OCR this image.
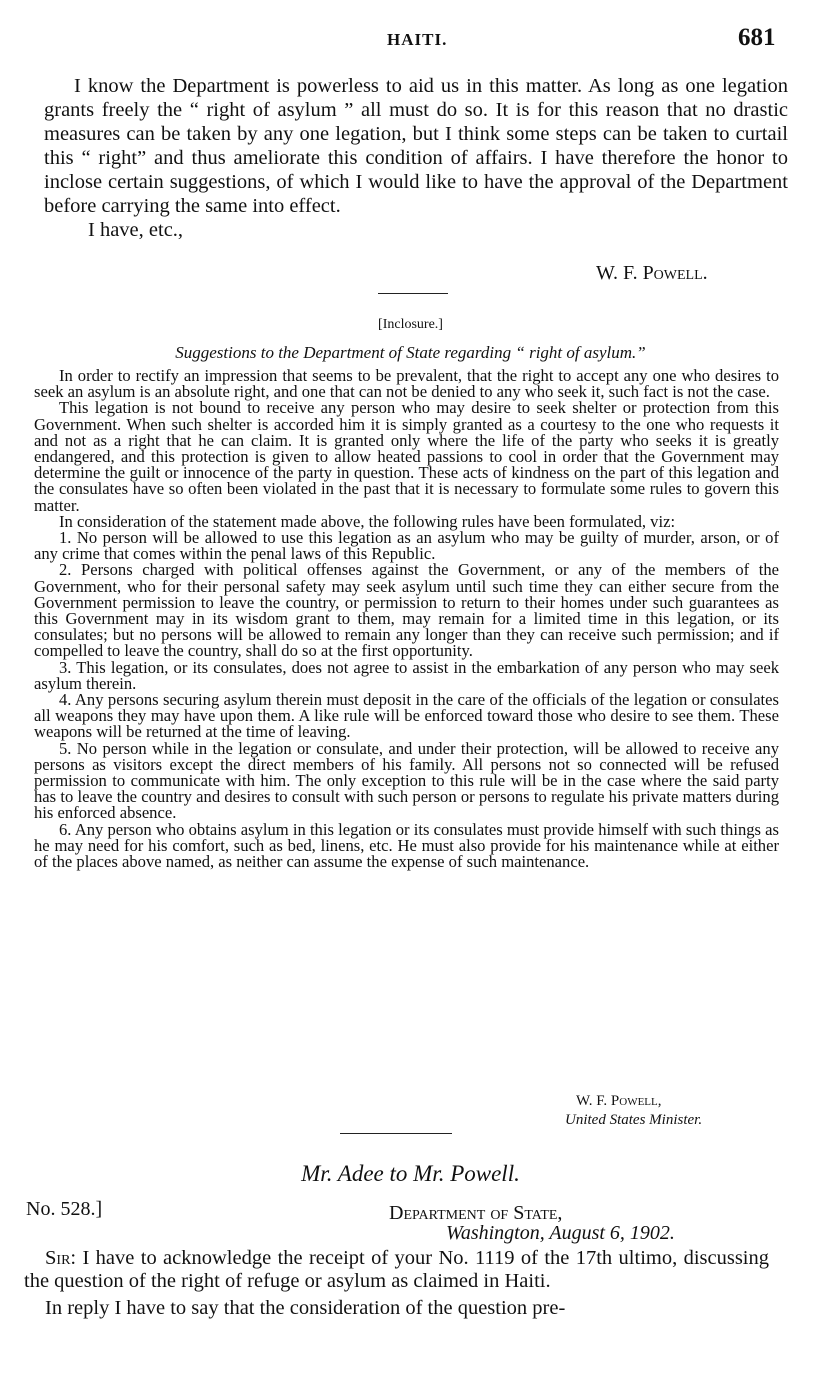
HAITI.	681

I know the Department is powerless to aid us in this matter. As long as one legation grants freely the “ right of asylum ” all must do so. It is for this reason that no drastic measures can be taken by any one legation, but I think some steps can be taken to curtail this “ right” and thus ameliorate this condition of affairs. I have therefore the honor to inclose certain suggestions, of which I would like to have the approval of the Department before carrying the same into effect.

I have, etc.,

W. F. Powell.
[Inclosure.]
Suggestions to the Department of State regarding “ right of asylum.”

In order to rectify an impression that seems to be prevalent, that the right to accept any one who desires to seek an asylum is an absolute right, and one that can not be denied to any who seek it, such fact is not the case.

This legation is not bound to receive any person who may desire to seek shelter or protection from this Government. When such shelter is accorded him it is simply granted as a courtesy to the one who requests it and not as a right that he can claim. It is granted only where the life of the party who seeks it is greatly endangered, and this protection is given to allow heated passions to cool in order that the Government may determine the guilt or innocence of the party in question. These acts of kindness on the part of this legation and the consulates have so often been violated in the past that it is necessary to formulate some rules to govern this matter.

In consideration of the statement made above, the following rules have been formulated, viz:

1. No person will be allowed to use this legation as an asylum who may be guilty of murder, arson, or of any crime that comes within the penal laws of this Republic.

2. Persons charged with political offenses against the Government, or any of the members of the Government, who for their personal safety may seek asylum until such time they can either secure from the Government permission to leave the country, or permission to return to their homes under such guarantees as this Government may in its wisdom grant to them, may remain for a limited time in this legation, or its consulates; but no persons will be allowed to remain any longer than they can receive such permission; and if compelled to leave the country, shall do so at the first opportunity.

3. This legation, or its consulates, does not agree to assist in the embarkation of any person who may seek asylum therein.

4. Any persons securing asylum therein must deposit in the care of the officials of the legation or consulates all weapons they may have upon them. A like rule will be enforced toward those who desire to see them. These weapons will be returned at the time of leaving.

5. No person while in the legation or consulate, and under their protection, will be allowed to receive any persons as visitors except the direct members of his family. All persons not so connected will be refused permission to communicate with him. The only exception to this rule will be in the case where the said party has to leave the country and desires to consult with such person or persons to regulate his private matters during his enforced absence.

6. Any person who obtains asylum in this legation or its consulates must provide himself with such things as he may need for his comfort, such as bed, linens, etc. He must also provide for his maintenance while at either of the places above named, as neither can assume the expense of such maintenance.

W. F. Powell,
United States Minister.
Mr. Adee to Mr. Powell.
No. 528.]	Department of State,
Washington, August 6, 1902.

Sir: I have to acknowledge the receipt of your No. 1119 of the 17th ultimo, discussing the question of the right of refuge or asylum as claimed in Haiti.

In reply I have to say that the consideration of the question pre-
